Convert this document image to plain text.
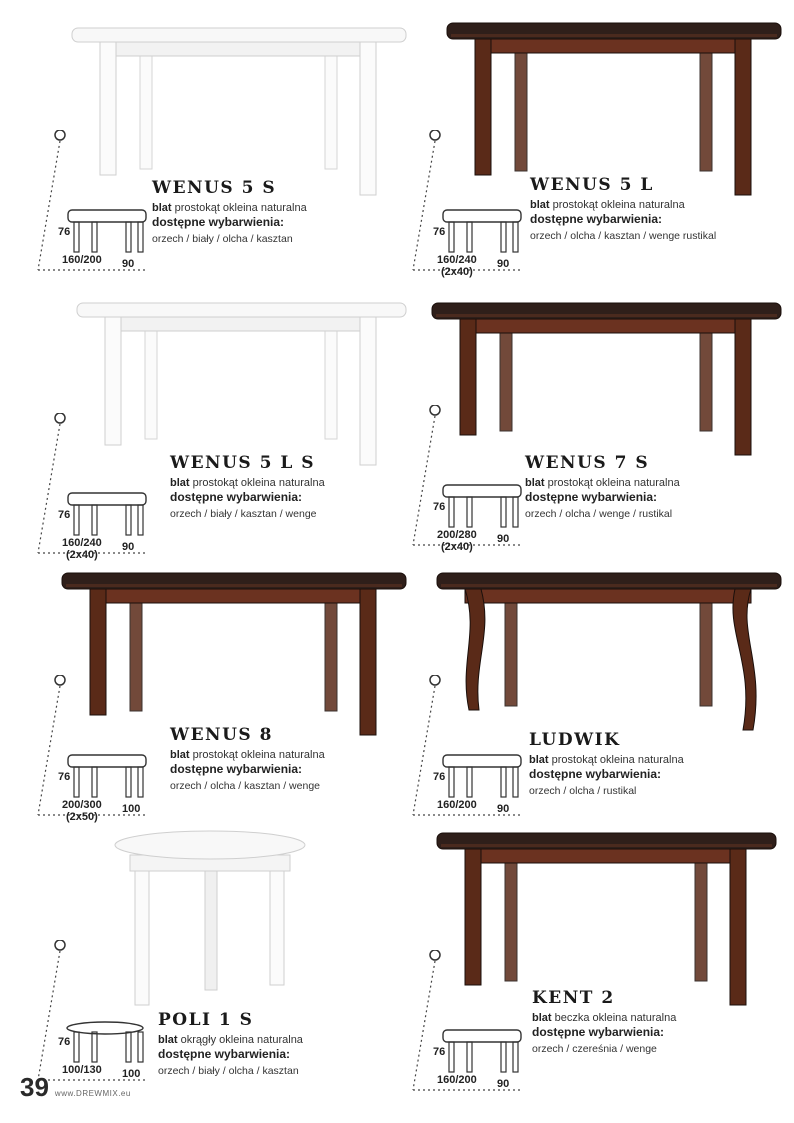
76
160/200 90
WENUS 5 S
blat prostokąt okleina naturalna
dostępne wybarwienia:
orzech / biały / olcha / kasztan
76
160/240 90
(2x40)
WENUS 5 L
blat prostokąt okleina naturalna
dostępne wybarwienia:
orzech / olcha / kasztan / wenge rustikal
76
160/240 90
(2x40)
WENUS 5 L S
blat prostokąt okleina naturalna
dostępne wybarwienia:
orzech / biały / kasztan / wenge
76
200/280 90
(2x40)
WENUS 7 S
blat prostokąt okleina naturalna
dostępne wybarwienia:
orzech / olcha / wenge / rustikal
76
200/300 100
(2x50)
WENUS 8
blat prostokąt okleina naturalna
dostępne wybarwienia:
orzech / olcha / kasztan / wenge
76
160/200 90
LUDWIK
blat prostokąt okleina naturalna
dostępne wybarwienia:
orzech / olcha / rustikal
76
100/130 100
POLI 1 S
blat okrągły okleina naturalna
dostępne wybarwienia:
orzech / biały / olcha / kasztan
76
160/200 90
KENT 2
blat beczka okleina naturalna
dostępne wybarwienia:
orzech / czereśnia / wenge
39 www.DREWMIX.eu
